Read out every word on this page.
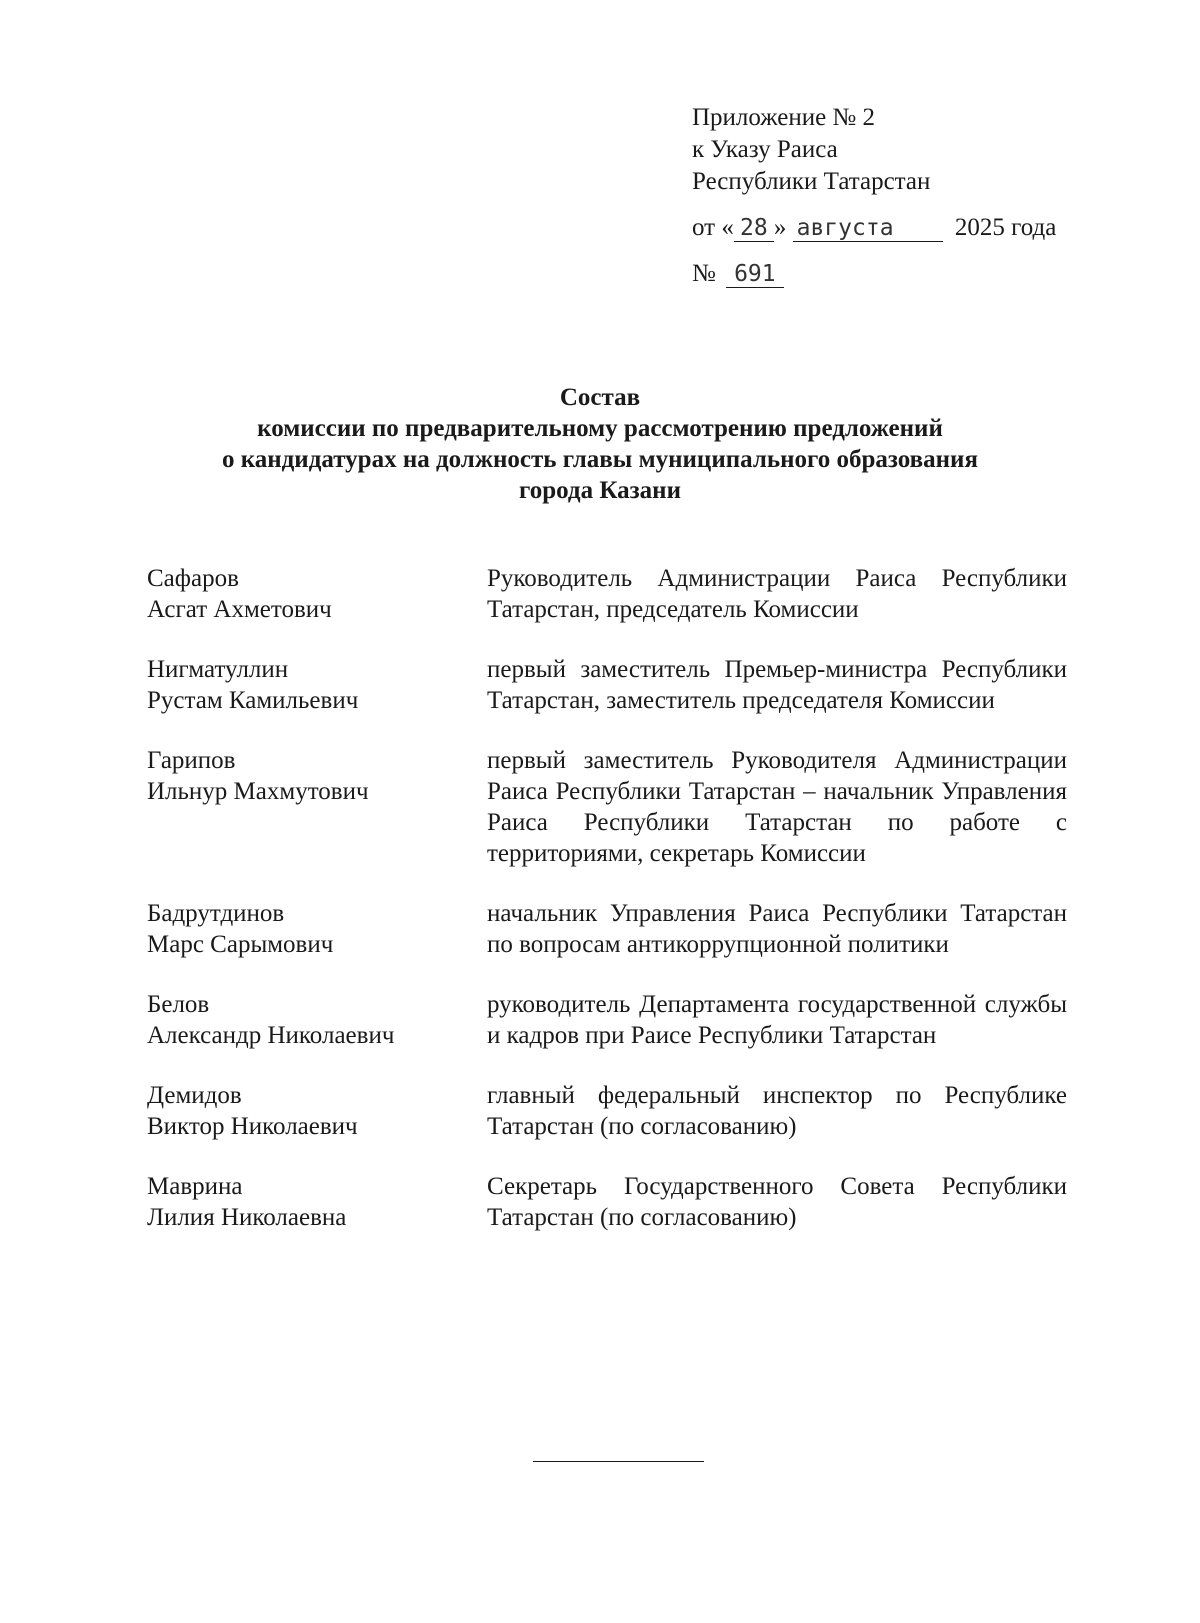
Приложение № 2
к Указу Раиса
Республики Татарстан
от « 28 » августа 2025 года
№ 691
Состав
комиссии по предварительному рассмотрению предложений
о кандидатурах на должность главы муниципального образования
города Казани
Сафаров
Асгат Ахметович
Руководитель Администрации Раиса Республики Татарстан, председатель Комиссии
Нигматуллин
Рустам Камильевич
первый заместитель Премьер-министра Республики Татарстан, заместитель председателя Комиссии
Гарипов
Ильнур Махмутович
первый заместитель Руководителя Администрации Раиса Республики Татарстан – начальник Управления Раиса Республики Татарстан по работе с территориями, секретарь Комиссии
Бадрутдинов
Марс Сарымович
начальник Управления Раиса Республики Татарстан по вопросам антикоррупционной политики
Белов
Александр Николаевич
руководитель Департамента государственной службы и кадров при Раисе Республики Татарстан
Демидов
Виктор Николаевич
главный федеральный инспектор по Республике Татарстан (по согласованию)
Маврина
Лилия Николаевна
Секретарь Государственного Совета Республики Татарстан (по согласованию)
